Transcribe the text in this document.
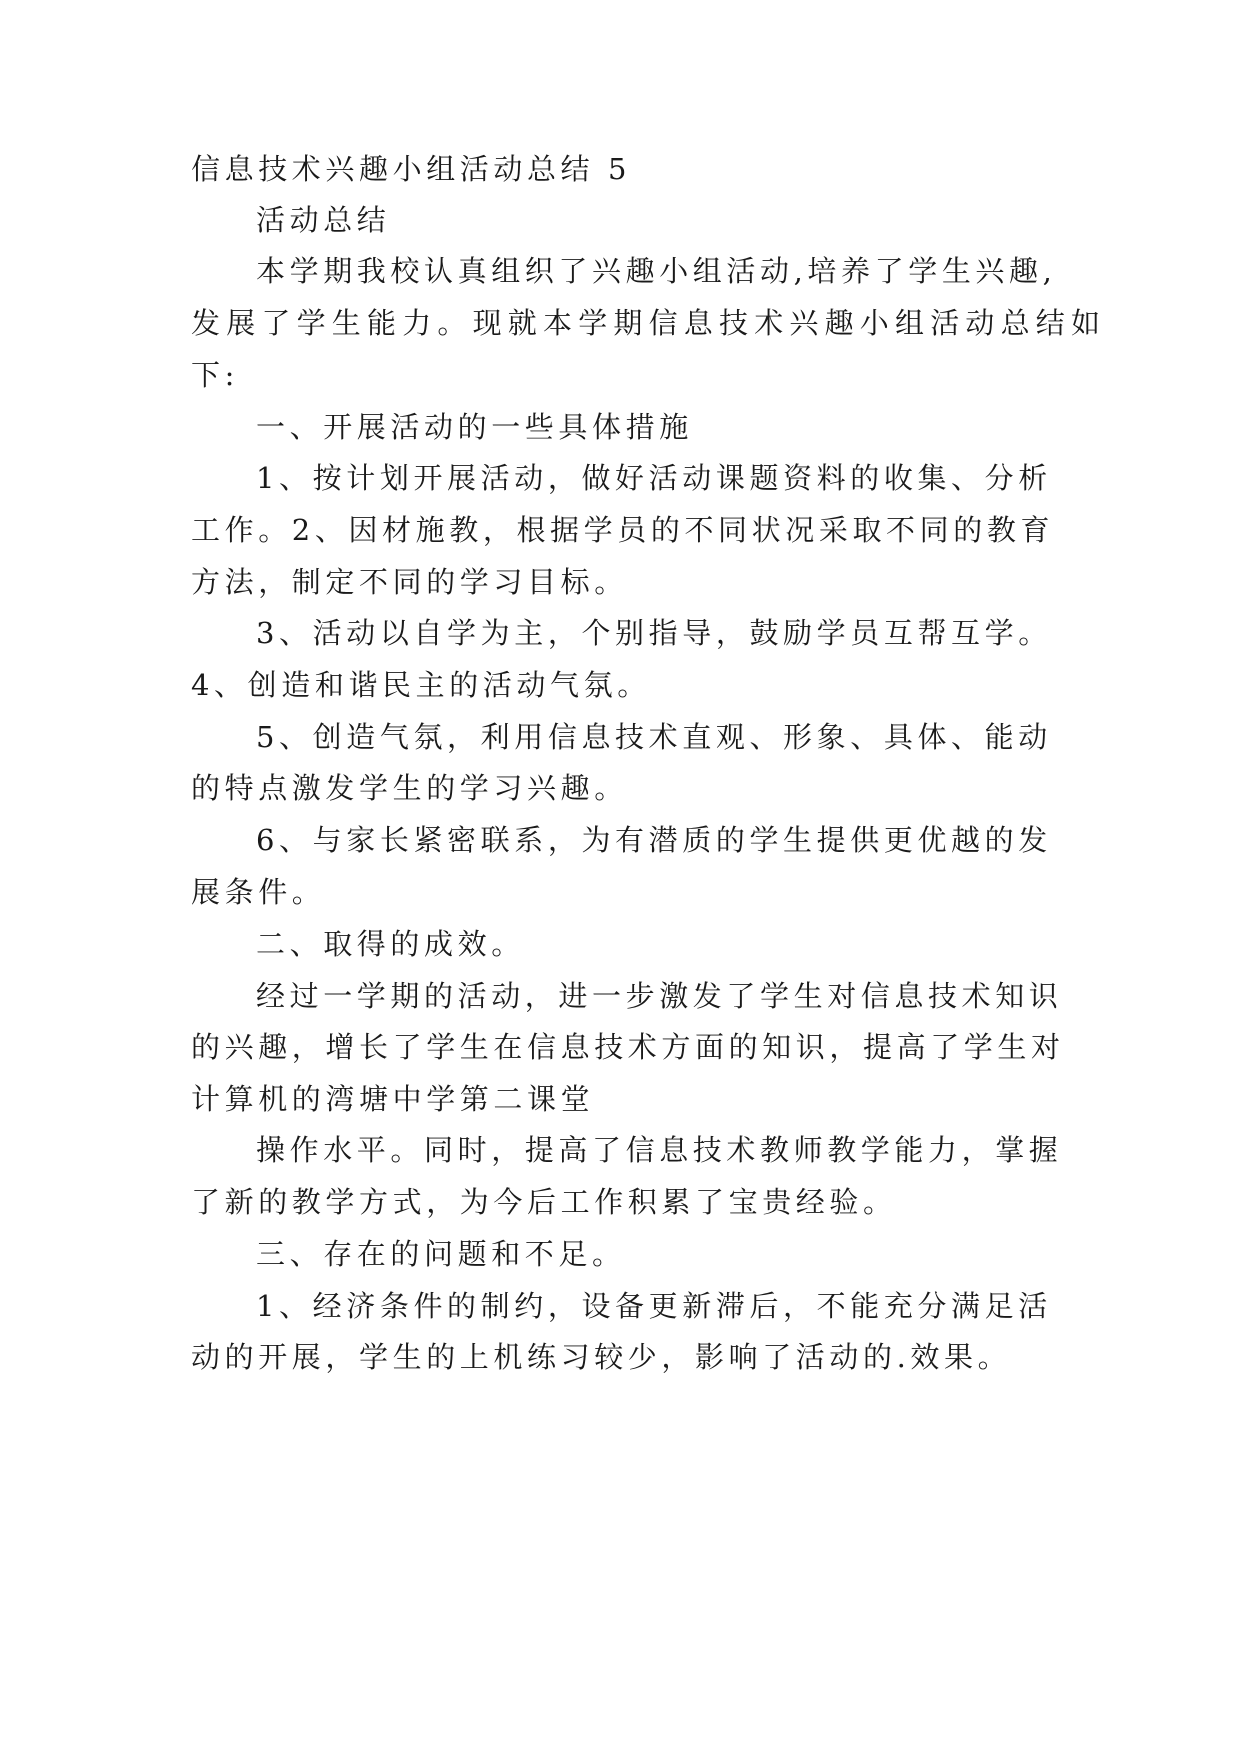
信息技术兴趣小组活动总结 5
活动总结
本学期我校认真组织了兴趣小组活动,培养了学生兴趣,
发展了学生能力。现就本学期信息技术兴趣小组活动总结如
下:
一、开展活动的一些具体措施
1、按计划开展活动，做好活动课题资料的收集、分析
工作。2、因材施教，根据学员的不同状况采取不同的教育
方法，制定不同的学习目标。
3、活动以自学为主，个别指导，鼓励学员互帮互学。
4、创造和谐民主的活动气氛。
5、创造气氛，利用信息技术直观、形象、具体、能动
的特点激发学生的学习兴趣。
6、与家长紧密联系，为有潜质的学生提供更优越的发
展条件。
二、取得的成效。
经过一学期的活动，进一步激发了学生对信息技术知识
的兴趣，增长了学生在信息技术方面的知识，提高了学生对
计算机的湾塘中学第二课堂
操作水平。同时，提高了信息技术教师教学能力，掌握
了新的教学方式，为今后工作积累了宝贵经验。
三、存在的问题和不足。
1、经济条件的制约，设备更新滞后，不能充分满足活
动的开展，学生的上机练习较少，影响了活动的.效果。
